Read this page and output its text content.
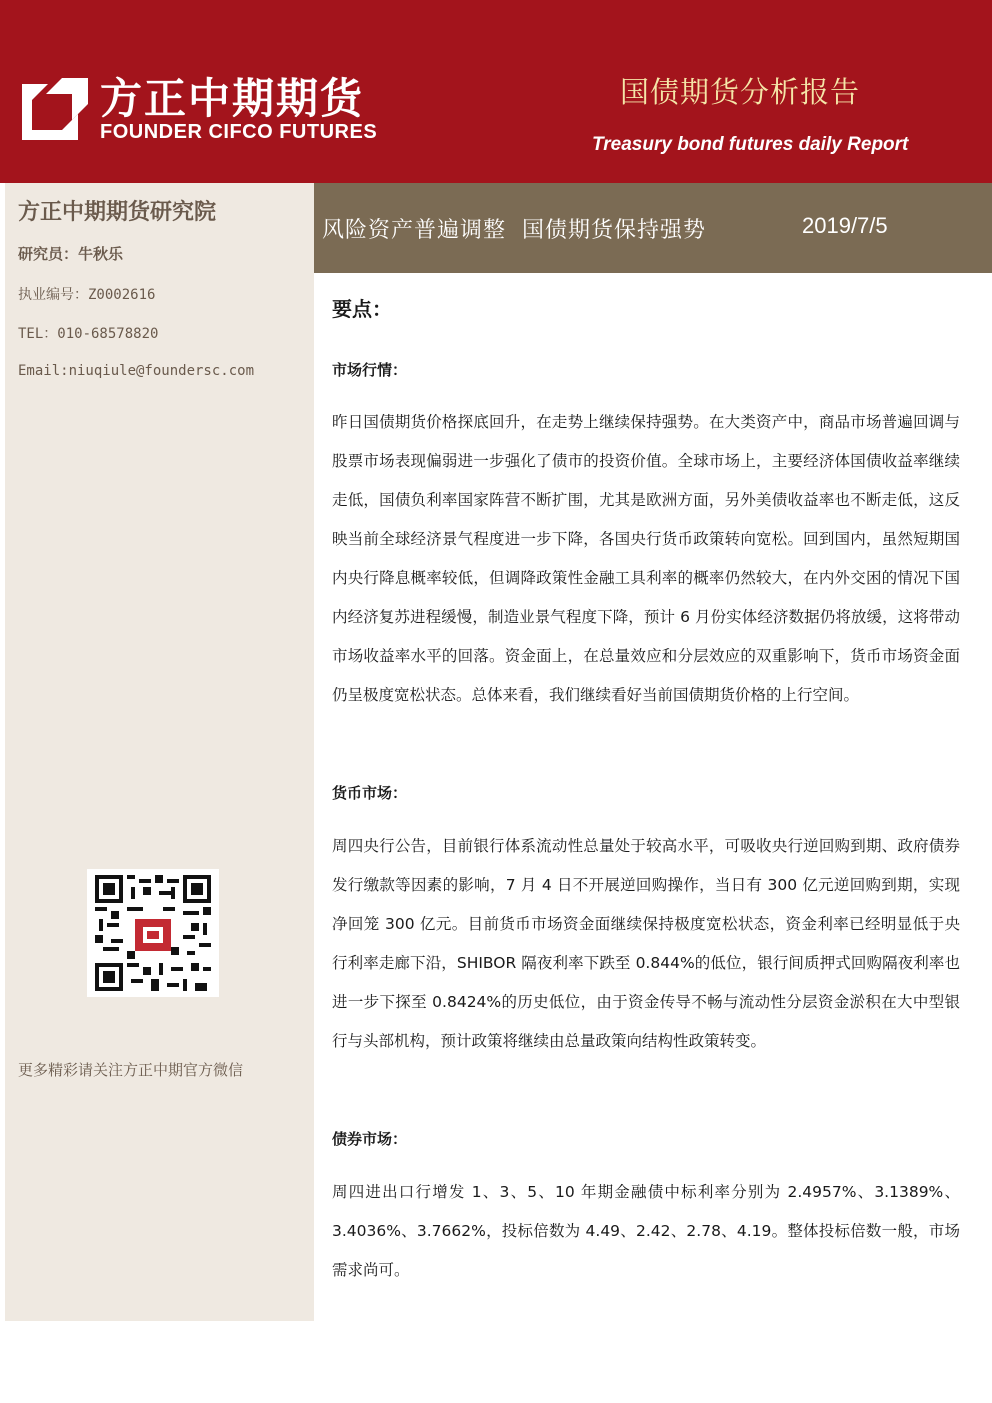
方正中期期货
FOUNDER CIFCO FUTURES
国债期货分析报告
Treasury bond futures daily Report
方正中期期货研究院
研究员：牛秋乐
执业编号：Z0002616
TEL：010-68578820
Email:niuqiule@foundersc.com
更多精彩请关注方正中期官方微信
风险资产普遍调整  国债期货保持强势	2019/7/5
要点：
市场行情：

昨日国债期货价格探底回升，在走势上继续保持强势。在大类资产中，商品市场普遍回调与股票市场表现偏弱进一步强化了债市的投资价值。全球市场上，主要经济体国债收益率继续走低，国债负利率国家阵营不断扩围，尤其是欧洲方面，另外美债收益率也不断走低，这反映当前全球经济景气程度进一步下降，各国央行货币政策转向宽松。回到国内，虽然短期国内央行降息概率较低，但调降政策性金融工具利率的概率仍然较大，在内外交困的情况下国内经济复苏进程缓慢，制造业景气程度下降，预计 6 月份实体经济数据仍将放缓，这将带动市场收益率水平的回落。资金面上，在总量效应和分层效应的双重影响下，货币市场资金面仍呈极度宽松状态。总体来看，我们继续看好当前国债期货价格的上行空间。

货币市场：

周四央行公告，目前银行体系流动性总量处于较高水平，可吸收央行逆回购到期、政府债券发行缴款等因素的影响，7 月 4 日不开展逆回购操作，当日有 300 亿元逆回购到期，实现净回笼 300 亿元。目前货币市场资金面继续保持极度宽松状态，资金利率已经明显低于央行利率走廊下沿，SHIBOR 隔夜利率下跌至 0.844%的低位，银行间质押式回购隔夜利率也进一步下探至 0.8424%的历史低位，由于资金传导不畅与流动性分层资金淤积在大中型银行与头部机构，预计政策将继续由总量政策向结构性政策转变。

债券市场：

周四进出口行增发 1、3、5、10 年期金融债中标利率分别为 2.4957%、3.1389%、3.4036%、3.7662%，投标倍数为 4.49、2.42、2.78、4.19。整体投标倍数一般，市场需求尚可。
